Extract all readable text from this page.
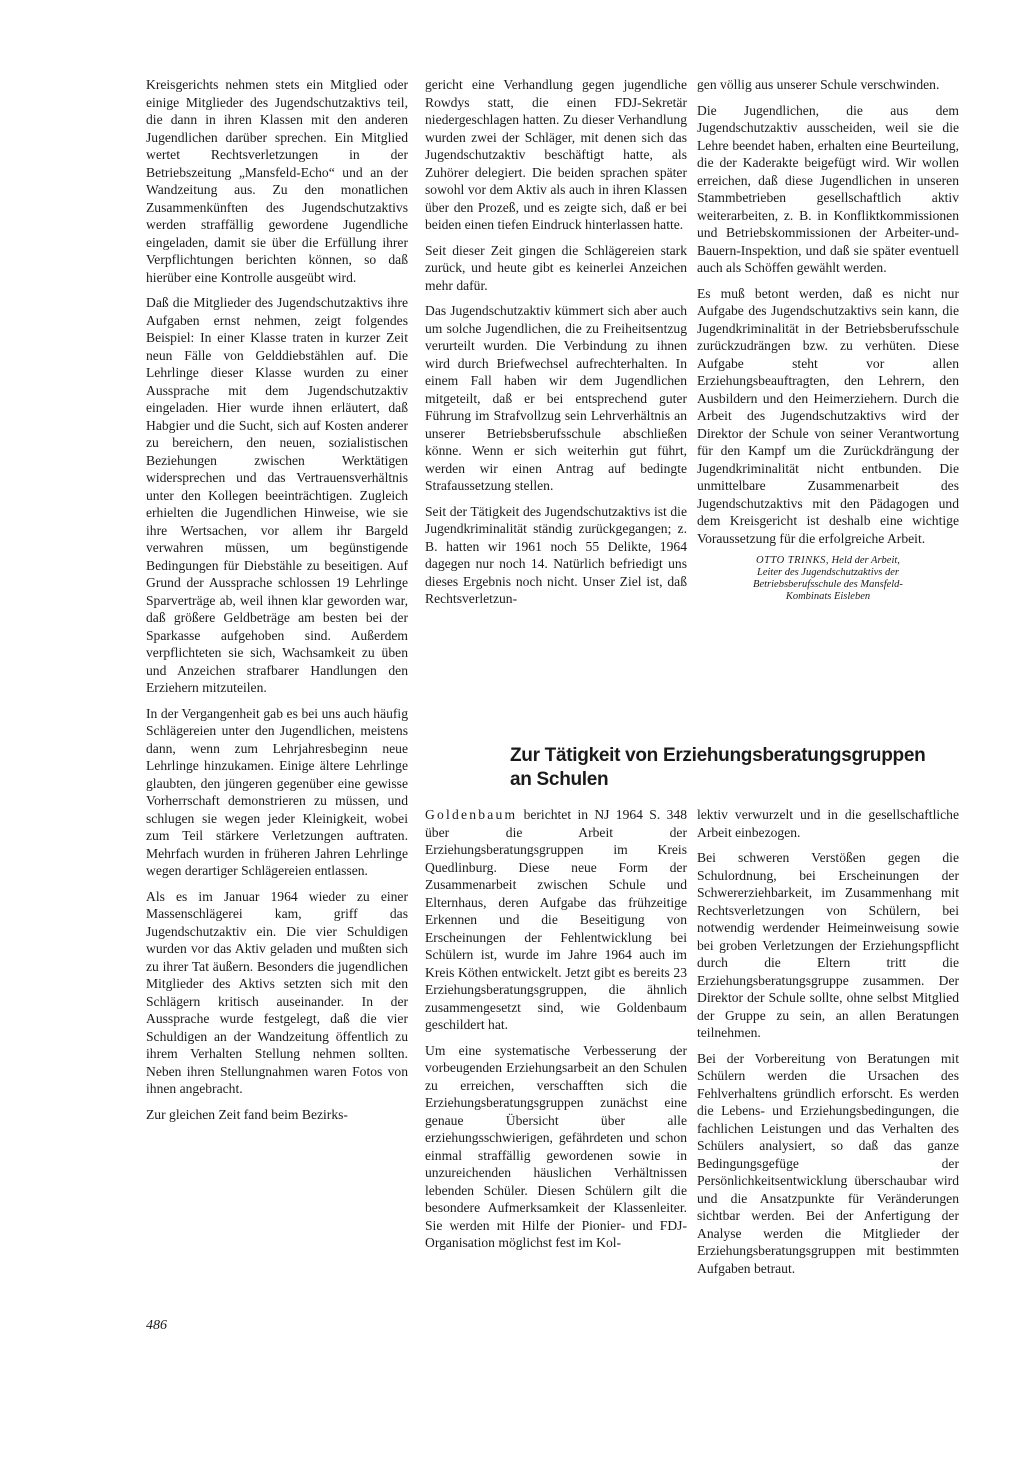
Kreisgerichts nehmen stets ein Mitglied oder einige Mitglieder des Jugendschutzaktivs teil, die dann in ihren Klassen mit den anderen Jugendlichen darüber sprechen. Ein Mitglied wertet Rechtsverletzungen in der Betriebszeitung „Mansfeld-Echo“ und an der Wandzeitung aus. Zu den monatlichen Zusammenkünften des Jugendschutzaktivs werden straffällig gewordene Jugendliche eingeladen, damit sie über die Erfüllung ihrer Verpflichtungen berichten können, so daß hierüber eine Kontrolle ausgeübt wird.

Daß die Mitglieder des Jugendschutzaktivs ihre Aufgaben ernst nehmen, zeigt folgendes Beispiel: In einer Klasse traten in kurzer Zeit neun Fälle von Gelddiebstählen auf. Die Lehrlinge dieser Klasse wurden zu einer Aussprache mit dem Jugendschutzaktiv eingeladen. Hier wurde ihnen erläutert, daß Habgier und die Sucht, sich auf Kosten anderer zu bereichern, den neuen, sozialistischen Beziehungen zwischen Werktätigen widersprechen und das Vertrauensverhältnis unter den Kollegen beeinträchtigen. Zugleich erhielten die Jugendlichen Hinweise, wie sie ihre Wertsachen, vor allem ihr Bargeld verwahren müssen, um begünstigende Bedingungen für Diebstähle zu beseitigen. Auf Grund der Aussprache schlossen 19 Lehrlinge Sparverträge ab, weil ihnen klar geworden war, daß größere Geldbeträge am besten bei der Sparkasse aufgehoben sind. Außerdem verpflichteten sie sich, Wachsamkeit zu üben und Anzeichen strafbarer Handlungen den Erziehern mitzuteilen.

In der Vergangenheit gab es bei uns auch häufig Schlägereien unter den Jugendlichen, meistens dann, wenn zum Lehrjahresbeginn neue Lehrlinge hinzukamen. Einige ältere Lehrlinge glaubten, den jüngeren gegenüber eine gewisse Vorherrschaft demonstrieren zu müssen, und schlugen sie wegen jeder Kleinigkeit, wobei zum Teil stärkere Verletzungen auftraten. Mehrfach wurden in früheren Jahren Lehrlinge wegen derartiger Schlägereien entlassen.

Als es im Januar 1964 wieder zu einer Massenschlägerei kam, griff das Jugendschutzaktiv ein. Die vier Schuldigen wurden vor das Aktiv geladen und mußten sich zu ihrer Tat äußern. Besonders die jugendlichen Mitglieder des Aktivs setzten sich mit den Schlägern kritisch auseinander. In der Aussprache wurde festgelegt, daß die vier Schuldigen an der Wandzeitung öffentlich zu ihrem Verhalten Stellung nehmen sollten. Neben ihren Stellungnahmen waren Fotos von ihnen angebracht.

Zur gleichen Zeit fand beim Bezirks-

gericht eine Verhandlung gegen jugendliche Rowdys statt, die einen FDJ-Sekretär niedergeschlagen hatten. Zu dieser Verhandlung wurden zwei der Schläger, mit denen sich das Jugendschutzaktiv beschäftigt hatte, als Zuhörer delegiert. Die beiden sprachen später sowohl vor dem Aktiv als auch in ihren Klassen über den Prozeß, und es zeigte sich, daß er bei beiden einen tiefen Eindruck hinterlassen hatte.

Seit dieser Zeit gingen die Schlägereien stark zurück, und heute gibt es keinerlei Anzeichen mehr dafür.

Das Jugendschutzaktiv kümmert sich aber auch um solche Jugendlichen, die zu Freiheitsentzug verurteilt wurden. Die Verbindung zu ihnen wird durch Briefwechsel aufrechterhalten. In einem Fall haben wir dem Jugendlichen mitgeteilt, daß er bei entsprechend guter Führung im Strafvollzug sein Lehrverhältnis an unserer Betriebsberufsschule abschließen könne. Wenn er sich weiterhin gut führt, werden wir einen Antrag auf bedingte Strafaussetzung stellen.

Seit der Tätigkeit des Jugendschutzaktivs ist die Jugendkriminalität ständig zurückgegangen; z. B. hatten wir 1961 noch 55 Delikte, 1964 dagegen nur noch 14. Natürlich befriedigt uns dieses Ergebnis noch nicht. Unser Ziel ist, daß Rechtsverletzun-

gen völlig aus unserer Schule verschwinden.

Die Jugendlichen, die aus dem Jugendschutzaktiv ausscheiden, weil sie die Lehre beendet haben, erhalten eine Beurteilung, die der Kaderakte beigefügt wird. Wir wollen erreichen, daß diese Jugendlichen in unseren Stammbetrieben gesellschaftlich aktiv weiterarbeiten, z. B. in Konfliktkommissionen und Betriebskommissionen der Arbeiter-und-Bauern-Inspektion, und daß sie später eventuell auch als Schöffen gewählt werden.

Es muß betont werden, daß es nicht nur Aufgabe des Jugendschutzaktivs sein kann, die Jugendkriminalität in der Betriebsberufsschule zurückzudrängen bzw. zu verhüten. Diese Aufgabe steht vor allen Erziehungsbeauftragten, den Lehrern, den Ausbildern und den Heimerziehern. Durch die Arbeit des Jugendschutzaktivs wird der Direktor der Schule von seiner Verantwortung für den Kampf um die Zurückdrängung der Jugendkriminalität nicht entbunden. Die unmittelbare Zusammenarbeit des Jugendschutzaktivs mit den Pädagogen und dem Kreisgericht ist deshalb eine wichtige Voraussetzung für die erfolgreiche Arbeit.

OTTO TRINKS, Held der Arbeit,
Leiter des Jugendschutzaktivs der
Betriebsberufsschule des Mansfeld-
Kombinats Eisleben
Zur Tätigkeit von Erziehungsberatungsgruppen an Schulen

Goldenbaum berichtet in NJ 1964 S. 348 über die Arbeit der Erziehungsberatungsgruppen im Kreis Quedlinburg. Diese neue Form der Zusammenarbeit zwischen Schule und Elternhaus, deren Aufgabe das frühzeitige Erkennen und die Beseitigung von Erscheinungen der Fehlentwicklung bei Schülern ist, wurde im Jahre 1964 auch im Kreis Köthen entwickelt. Jetzt gibt es bereits 23 Erziehungsberatungsgruppen, die ähnlich zusammengesetzt sind, wie Goldenbaum geschildert hat.

Um eine systematische Verbesserung der vorbeugenden Erziehungsarbeit an den Schulen zu erreichen, verschafften sich die Erziehungsberatungsgruppen zunächst eine genaue Übersicht über alle erziehungsschwierigen, gefährdeten und schon einmal straffällig gewordenen sowie in unzureichenden häuslichen Verhältnissen lebenden Schüler. Diesen Schülern gilt die besondere Aufmerksamkeit der Klassenleiter. Sie werden mit Hilfe der Pionier- und FDJ-Organisation möglichst fest im Kol-

lektiv verwurzelt und in die gesellschaftliche Arbeit einbezogen.

Bei schweren Verstößen gegen die Schulordnung, bei Erscheinungen der Schwererziehbarkeit, im Zusammenhang mit Rechtsverletzungen von Schülern, bei notwendig werdender Heimeinweisung sowie bei groben Verletzungen der Erziehungspflicht durch die Eltern tritt die Erziehungsberatungsgruppe zusammen. Der Direktor der Schule sollte, ohne selbst Mitglied der Gruppe zu sein, an allen Beratungen teilnehmen.

Bei der Vorbereitung von Beratungen mit Schülern werden die Ursachen des Fehlverhaltens gründlich erforscht. Es werden die Lebens- und Erziehungsbedingungen, die fachlichen Leistungen und das Verhalten des Schülers analysiert, so daß das ganze Bedingungsgefüge der Persönlichkeitsentwicklung überschaubar wird und die Ansatzpunkte für Veränderungen sichtbar werden. Bei der Anfertigung der Analyse werden die Mitglieder der Erziehungsberatungsgruppen mit bestimmten Aufgaben betraut.

486
